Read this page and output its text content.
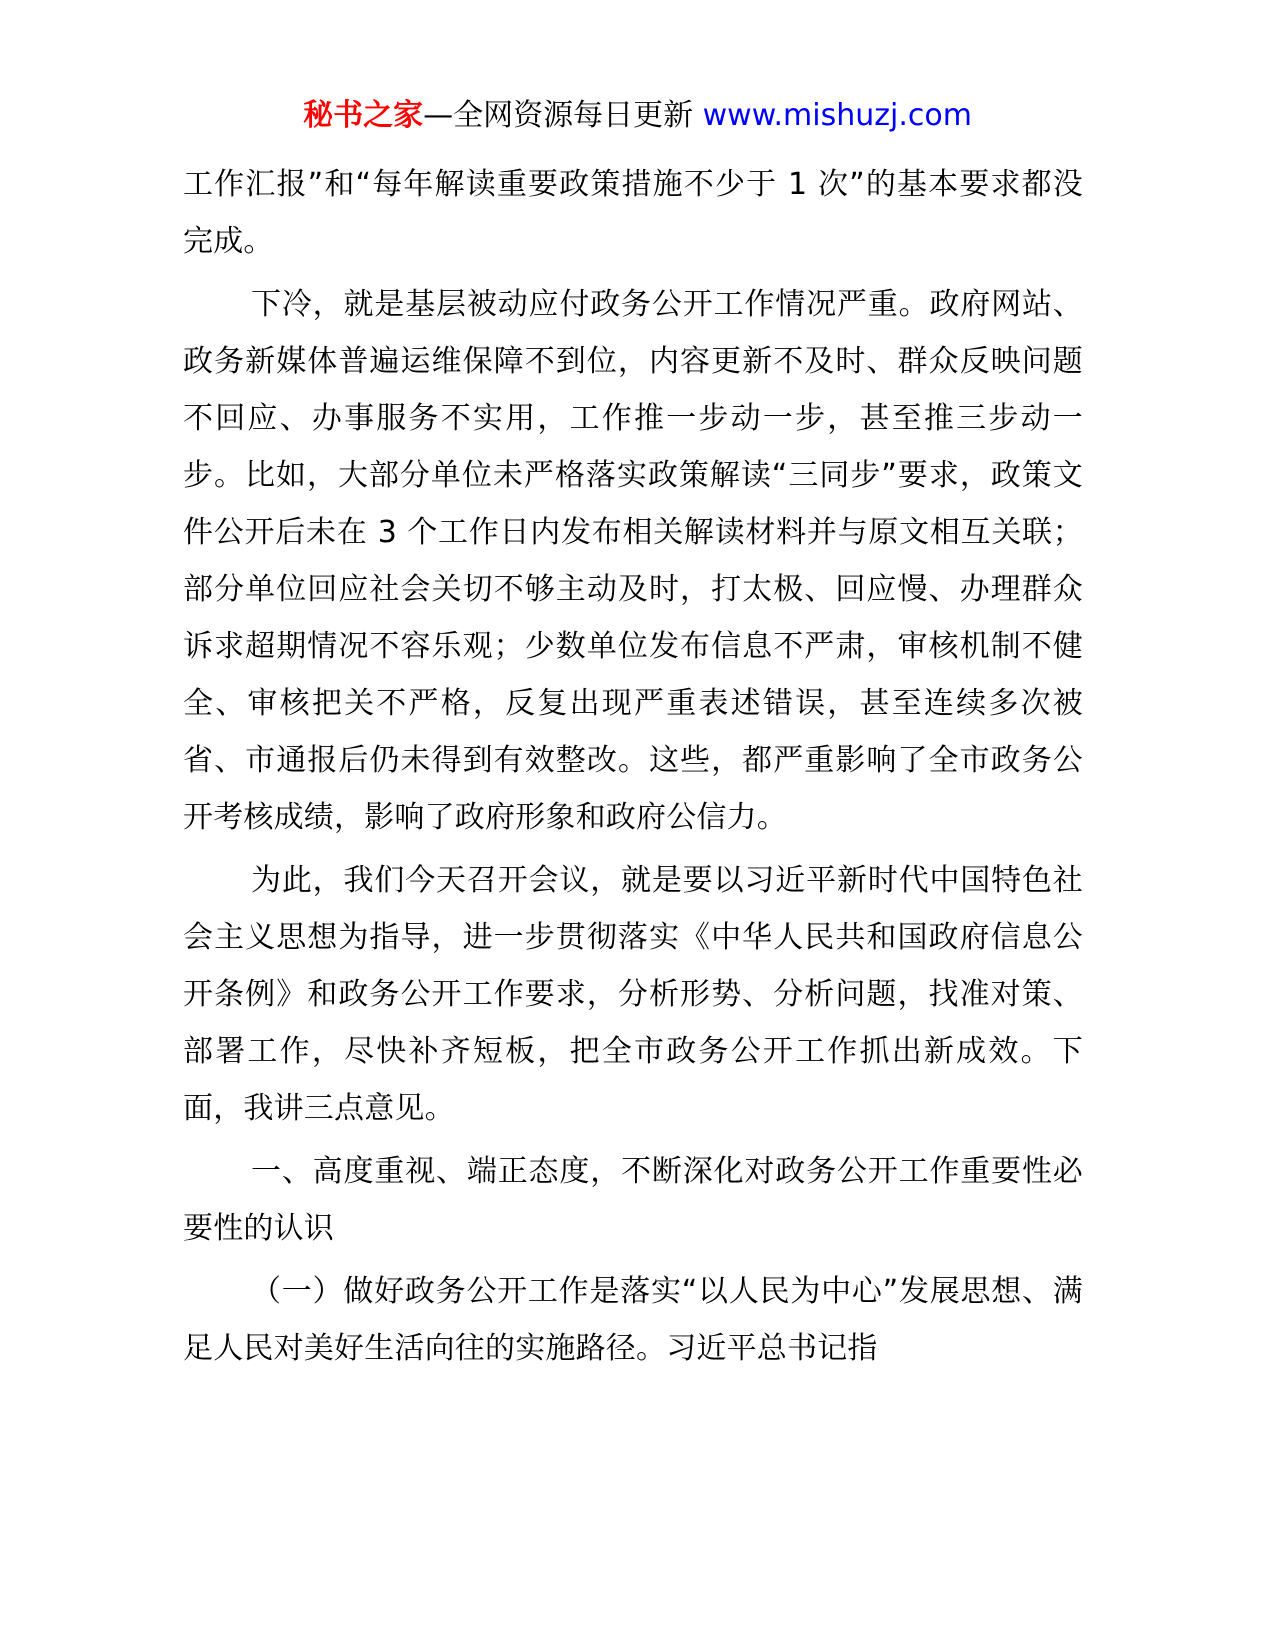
秘书之家—全网资源每日更新 www.mishuzj.com

工作汇报”和“每年解读重要政策措施不少于 1 次”的基本要求都没完成。

下冷，就是基层被动应付政务公开工作情况严重。政府网站、政务新媒体普遍运维保障不到位，内容更新不及时、群众反映问题不回应、办事服务不实用，工作推一步动一步，甚至推三步动一步。比如，大部分单位未严格落实政策解读“三同步”要求，政策文件公开后未在 3 个工作日内发布相关解读材料并与原文相互关联；部分单位回应社会关切不够主动及时，打太极、回应慢、办理群众诉求超期情况不容乐观；少数单位发布信息不严肃，审核机制不健全、审核把关不严格，反复出现严重表述错误，甚至连续多次被省、市通报后仍未得到有效整改。这些，都严重影响了全市政务公开考核成绩，影响了政府形象和政府公信力。

为此，我们今天召开会议，就是要以习近平新时代中国特色社会主义思想为指导，进一步贯彻落实《中华人民共和国政府信息公开条例》和政务公开工作要求，分析形势、分析问题，找准对策、部署工作，尽快补齐短板，把全市政务公开工作抓出新成效。下面，我讲三点意见。

一、高度重视、端正态度，不断深化对政务公开工作重要性必要性的认识

（一）做好政务公开工作是落实“以人民为中心”发展思想、满足人民对美好生活向往的实施路径。习近平总书记指
